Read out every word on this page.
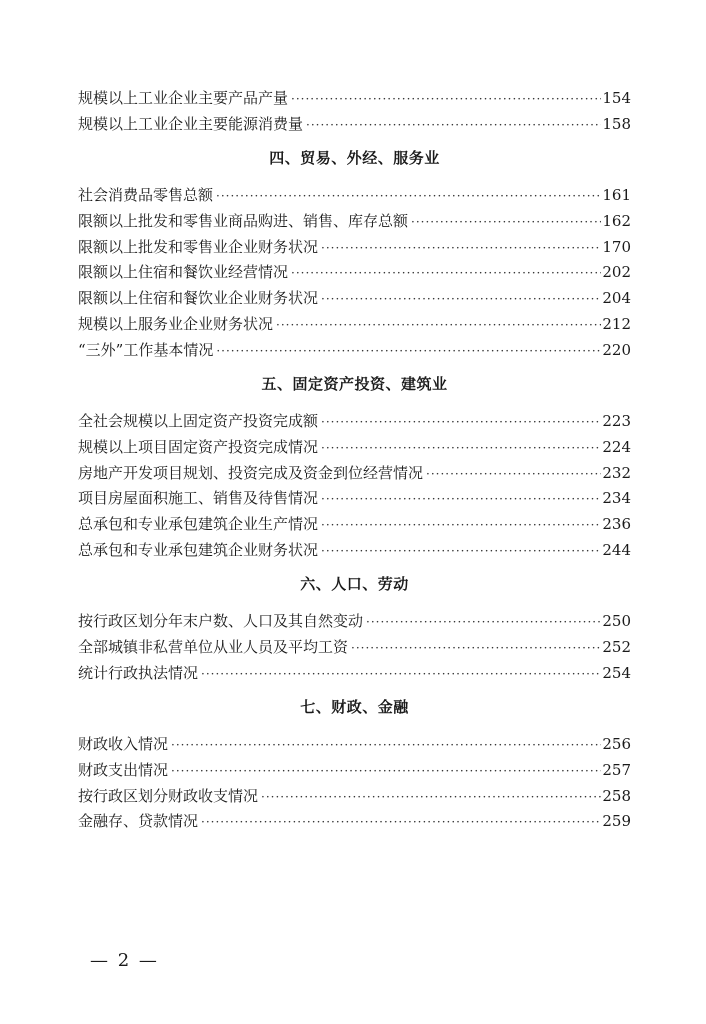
规模以上工业企业主要产品产量 ·····	154
规模以上工业企业主要能源消费量 ·····	158
四、贸易、外经、服务业
社会消费品零售总额 ·····	161
限额以上批发和零售业商品购进、销售、库存总额 ·····	162
限额以上批发和零售业企业财务状况 ·····	170
限额以上住宿和餐饮业经营情况 ·····	202
限额以上住宿和餐饮业企业财务状况 ·····	204
规模以上服务业企业财务状况 ·····	212
“三外”工作基本情况 ·····	220
五、固定资产投资、建筑业
全社会规模以上固定资产投资完成额 ·····	223
规模以上项目固定资产投资完成情况 ·····	224
房地产开发项目规划、投资完成及资金到位经营情况 ·····	232
项目房屋面积施工、销售及待售情况 ·····	234
总承包和专业承包建筑企业生产情况 ·····	236
总承包和专业承包建筑企业财务状况 ·····	244
六、人口、劳动
按行政区划分年末户数、人口及其自然变动 ·····	250
全部城镇非私营单位从业人员及平均工资 ·····	252
统计行政执法情况 ·····	254
七、财政、金融
财政收入情况 ·····	256
财政支出情况 ·····	257
按行政区划分财政收支情况 ·····	258
金融存、贷款情况 ·····	259
— 2 —
